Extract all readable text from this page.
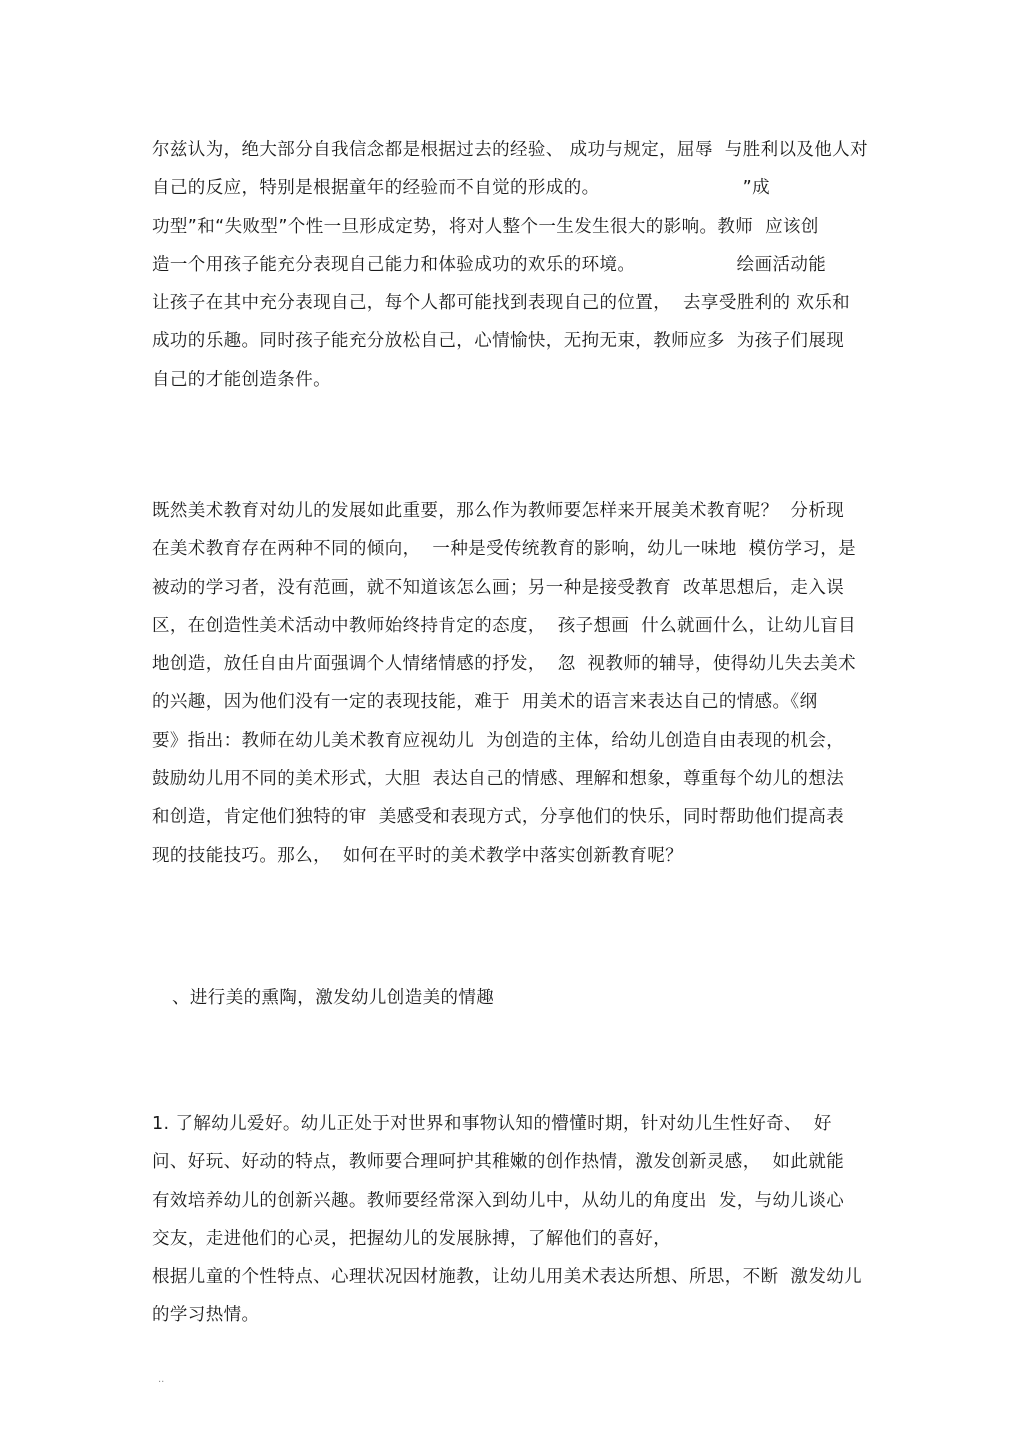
尔兹认为，绝大部分自我信念都是根据过去的经验、 成功与规定，屈辱  与胜利以及他人对
自己的反应，特别是根据童年的经验而不自觉的形成的。                        ”成
功型”和“失败型”个性一旦形成定势，将对人整个一生发生很大的影响。教师  应该创
造一个用孩子能充分表现自己能力和体验成功的欢乐的环境。                 绘画活动能
让孩子在其中充分表现自己，每个人都可能找到表现自己的位置，  去享受胜利的 欢乐和
成功的乐趣。同时孩子能充分放松自己，心情愉快，无拘无束，教师应多  为孩子们展现
自己的才能创造条件。
既然美术教育对幼儿的发展如此重要，那么作为教师要怎样来开展美术教育呢？  分析现
在美术教育存在两种不同的倾向，  一种是受传统教育的影响，幼儿一味地  模仿学习，是
被动的学习者，没有范画，就不知道该怎么画；另一种是接受教育  改革思想后，走入误
区，在创造性美术活动中教师始终持肯定的态度，  孩子想画  什么就画什么，让幼儿盲目
地创造，放任自由片面强调个人情绪情感的抒发，  忽  视教师的辅导，使得幼儿失去美术
的兴趣，因为他们没有一定的表现技能，难于  用美术的语言来表达自己的情感。《纲
要》指出：教师在幼儿美术教育应视幼儿  为创造的主体，给幼儿创造自由表现的机会，
鼓励幼儿用不同的美术形式，大胆  表达自己的情感、理解和想象，尊重每个幼儿的想法
和创造，肯定他们独特的审  美感受和表现方式，分享他们的快乐，同时帮助他们提高表
现的技能技巧。那么，  如何在平时的美术教学中落实创新教育呢？
、进行美的熏陶，激发幼儿创造美的情趣
1. 了解幼儿爱好。幼儿正处于对世界和事物认知的懵懂时期，针对幼儿生性好奇、  好
问、好玩、好动的特点，教师要合理呵护其稚嫩的创作热情，激发创新灵感，  如此就能
有效培养幼儿的创新兴趣。教师要经常深入到幼儿中，从幼儿的角度出  发，与幼儿谈心
交友，走进他们的心灵，把握幼儿的发展脉搏，了解他们的喜好，
根据儿童的个性特点、心理状况因材施教，让幼儿用美术表达所想、所思，不断  激发幼儿
的学习热情。
..
